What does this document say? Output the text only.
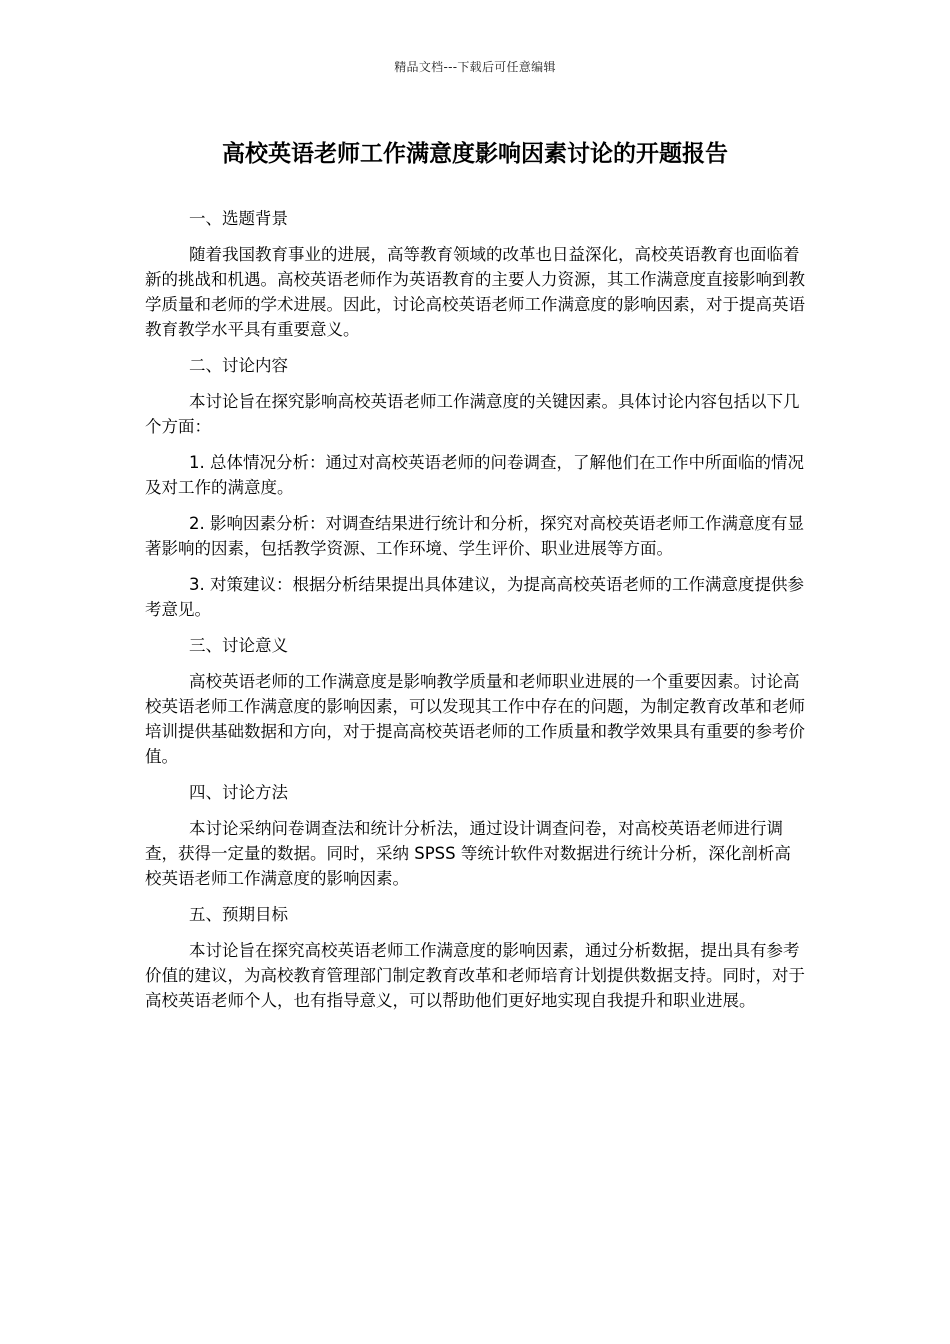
精品文档---下载后可任意编辑
高校英语老师工作满意度影响因素讨论的开题报告

一、选题背景

随着我国教育事业的进展，高等教育领域的改革也日益深化，高校英语教育也面临着新的挑战和机遇。高校英语老师作为英语教育的主要人力资源，其工作满意度直接影响到教学质量和老师的学术进展。因此，讨论高校英语老师工作满意度的影响因素，对于提高英语教育教学水平具有重要意义。

二、讨论内容

本讨论旨在探究影响高校英语老师工作满意度的关键因素。具体讨论内容包括以下几个方面：

1. 总体情况分析：通过对高校英语老师的问卷调查，了解他们在工作中所面临的情况及对工作的满意度。

2. 影响因素分析：对调查结果进行统计和分析，探究对高校英语老师工作满意度有显著影响的因素，包括教学资源、工作环境、学生评价、职业进展等方面。

3. 对策建议：根据分析结果提出具体建议，为提高高校英语老师的工作满意度提供参考意见。

三、讨论意义

高校英语老师的工作满意度是影响教学质量和老师职业进展的一个重要因素。讨论高校英语老师工作满意度的影响因素，可以发现其工作中存在的问题，为制定教育改革和老师培训提供基础数据和方向，对于提高高校英语老师的工作质量和教学效果具有重要的参考价值。

四、讨论方法

本讨论采纳问卷调查法和统计分析法，通过设计调查问卷，对高校英语老师进行调查，获得一定量的数据。同时，采纳 SPSS 等统计软件对数据进行统计分析，深化剖析高校英语老师工作满意度的影响因素。

五、预期目标

本讨论旨在探究高校英语老师工作满意度的影响因素，通过分析数据，提出具有参考价值的建议，为高校教育管理部门制定教育改革和老师培育计划提供数据支持。同时，对于高校英语老师个人，也有指导意义，可以帮助他们更好地实现自我提升和职业进展。
